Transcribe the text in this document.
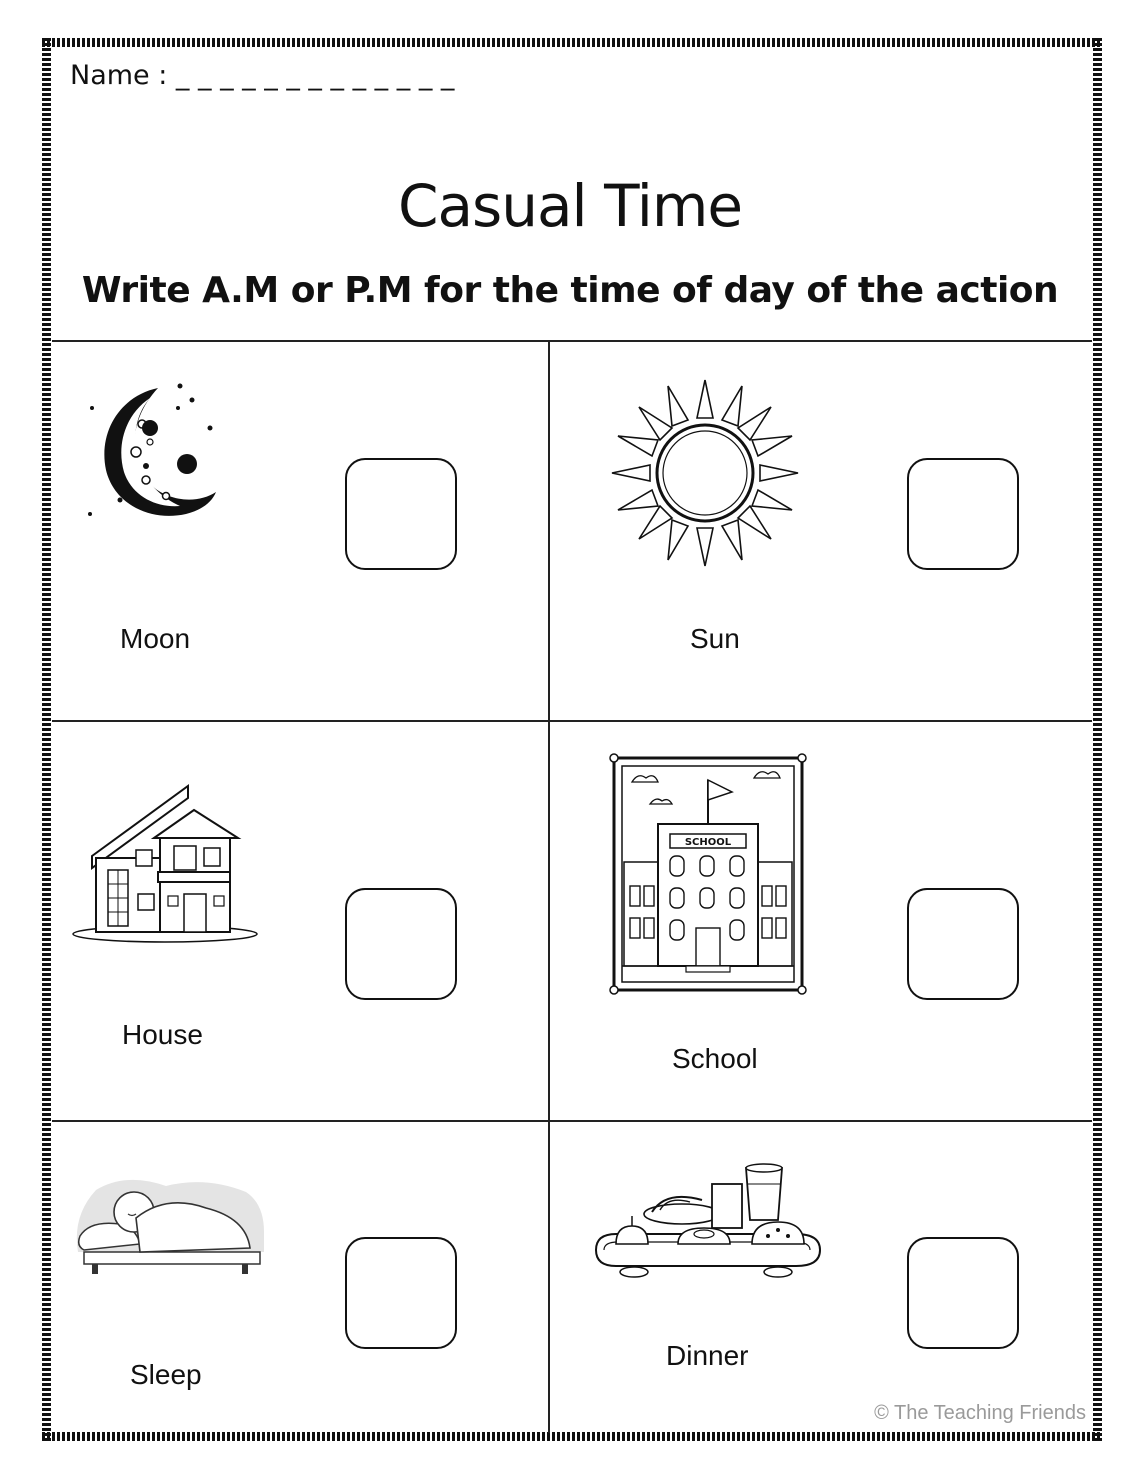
Name : _ _ _ _ _ _ _ _ _ _ _ _ _
Casual Time
Write A.M or P.M for the time of day of the action
Moon	Sun
House
SCHOOL
School
Sleep
Dinner
© The Teaching Friends
